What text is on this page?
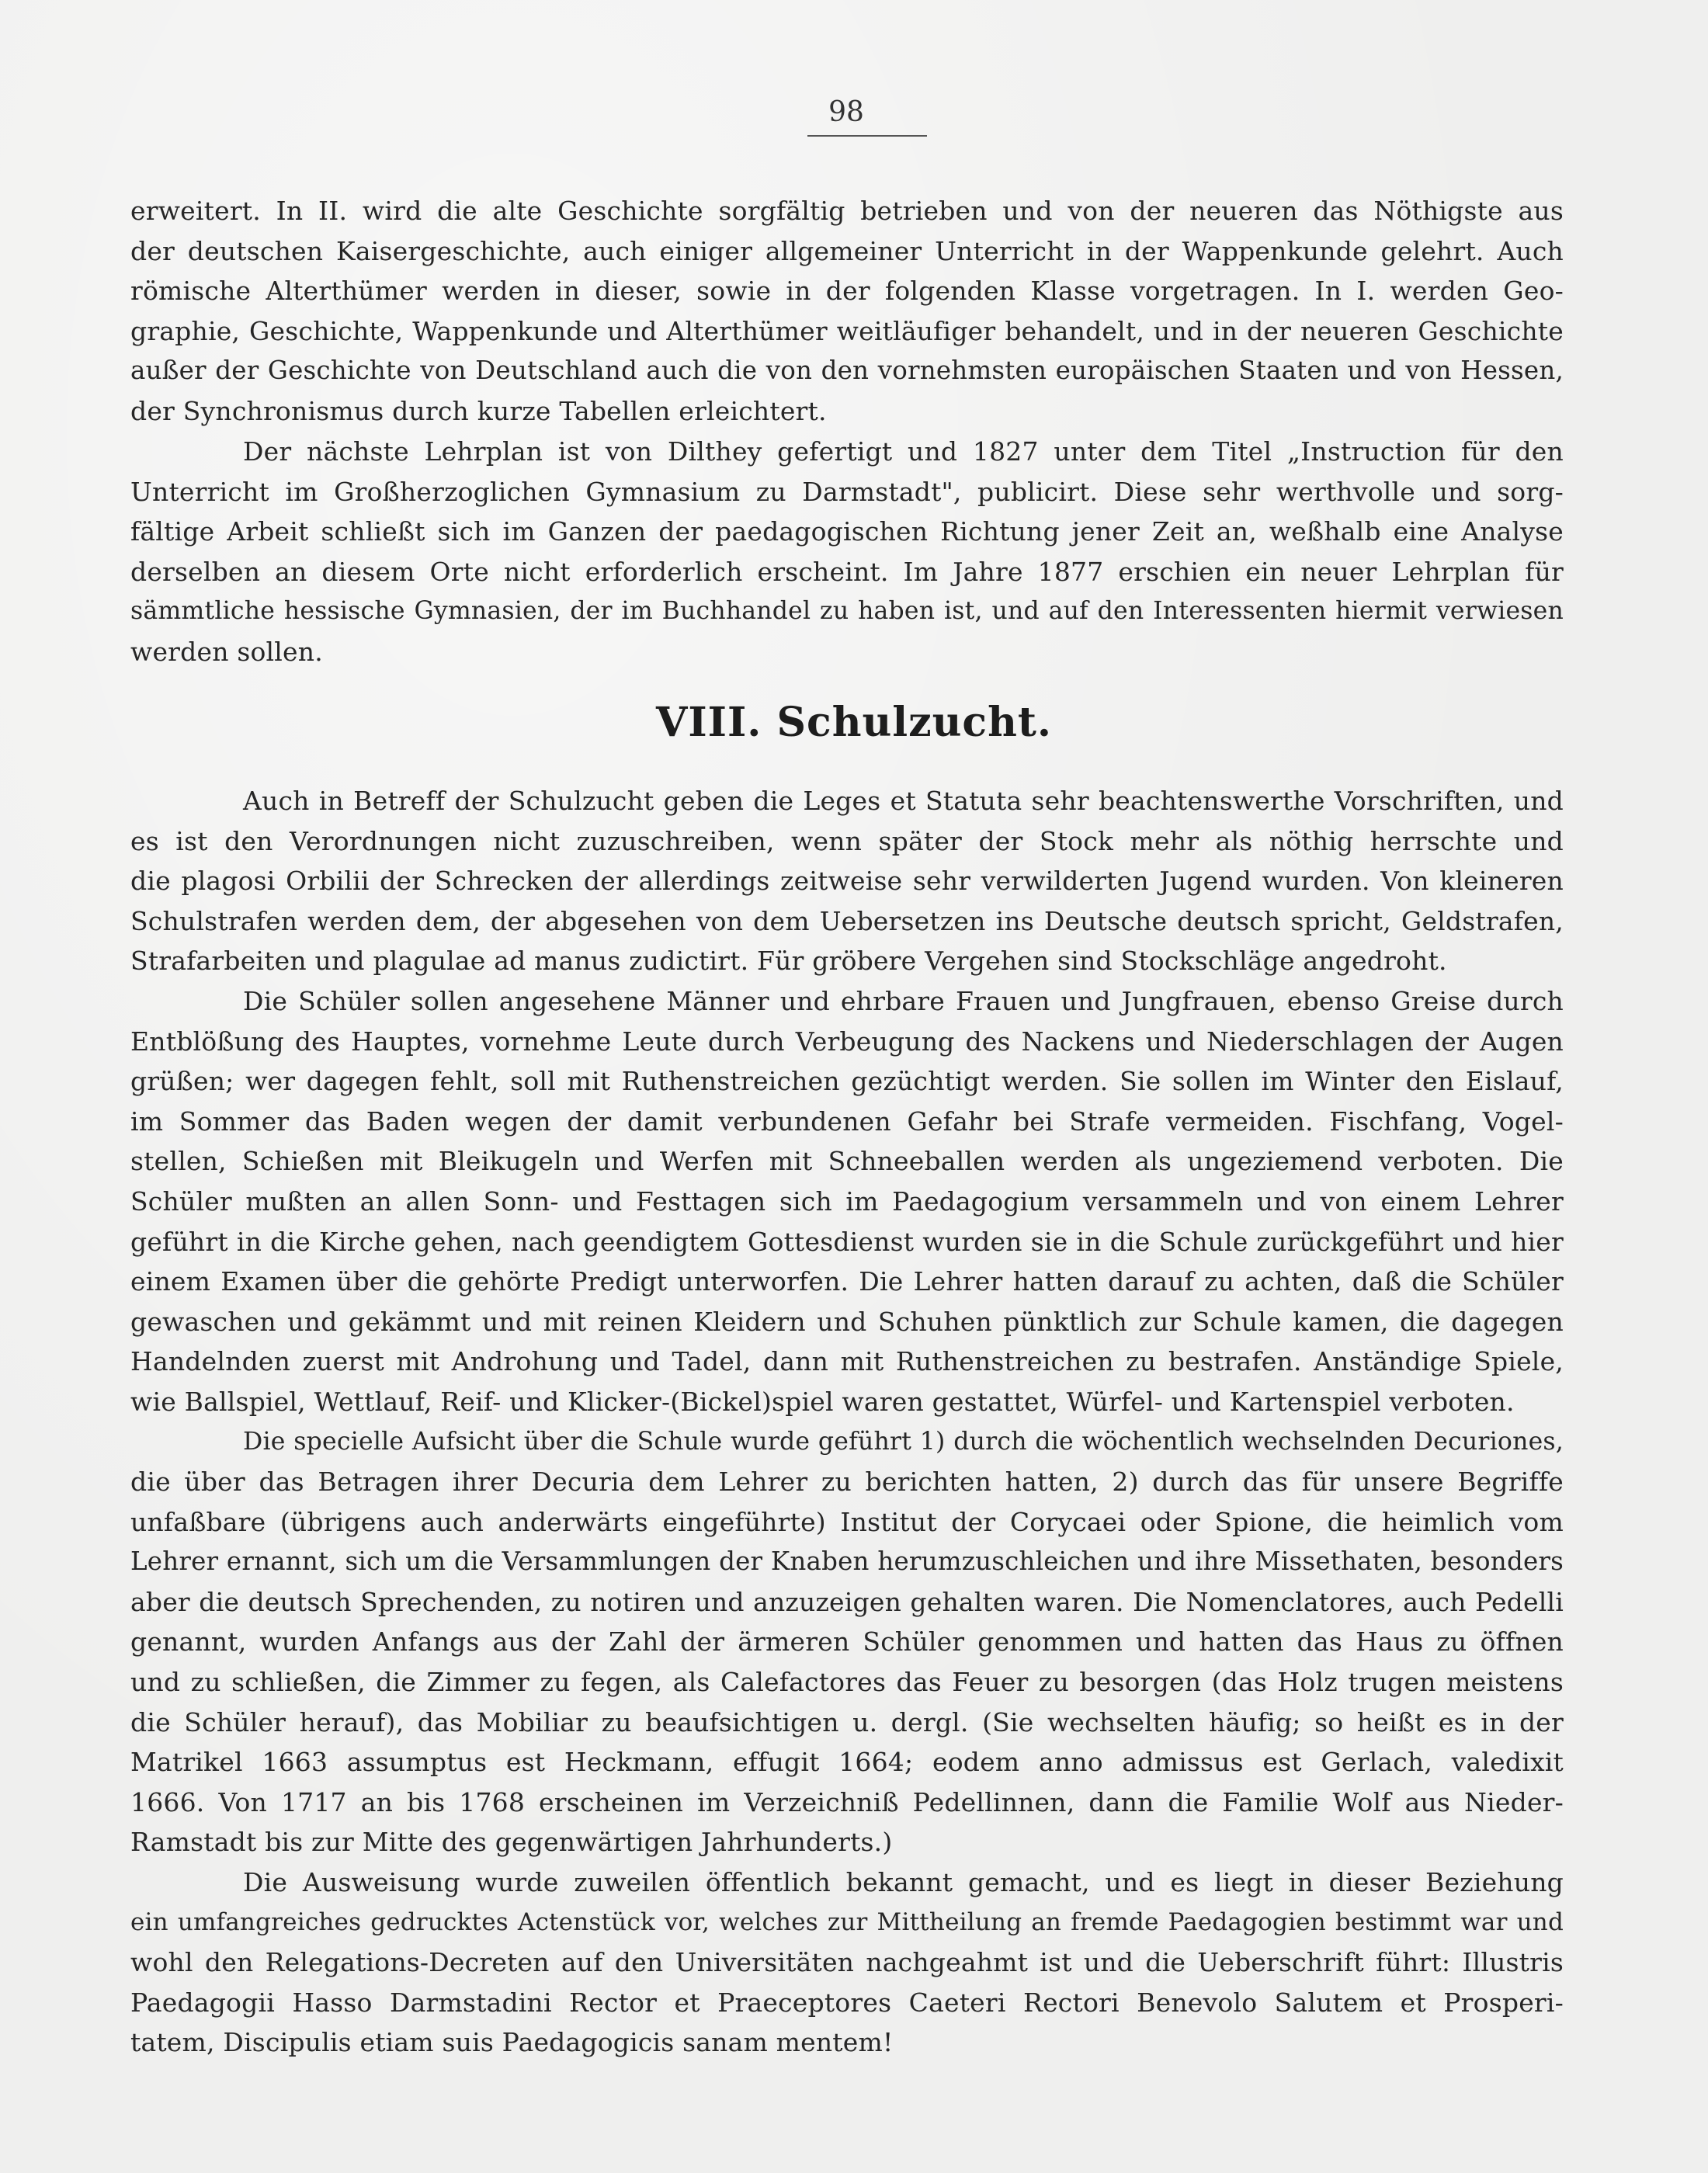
98
erweitert. In II. wird die alte Geschichte sorgfältig betrieben und von der neueren das Nöthigste aus
der deutschen Kaisergeschichte, auch einiger allgemeiner Unterricht in der Wappenkunde gelehrt. Auch
römische Alterthümer werden in dieser, sowie in der folgenden Klasse vorgetragen. In I. werden Geo-
graphie, Geschichte, Wappenkunde und Alterthümer weitläufiger behandelt, und in der neueren Geschichte
außer der Geschichte von Deutschland auch die von den vornehmsten europäischen Staaten und von Hessen,
der Synchronismus durch kurze Tabellen erleichtert.
Der nächste Lehrplan ist von Dilthey gefertigt und 1827 unter dem Titel „Instruction für den
Unterricht im Großherzoglichen Gymnasium zu Darmstadt", publicirt. Diese sehr werthvolle und sorg-
fältige Arbeit schließt sich im Ganzen der paedagogischen Richtung jener Zeit an, weßhalb eine Analyse
derselben an diesem Orte nicht erforderlich erscheint. Im Jahre 1877 erschien ein neuer Lehrplan für
sämmtliche hessische Gymnasien, der im Buchhandel zu haben ist, und auf den Interessenten hiermit verwiesen
werden sollen.
VIII. Schulzucht.
Auch in Betreff der Schulzucht geben die Leges et Statuta sehr beachtenswerthe Vorschriften, und
es ist den Verordnungen nicht zuzuschreiben, wenn später der Stock mehr als nöthig herrschte und
die plagosi Orbilii der Schrecken der allerdings zeitweise sehr verwilderten Jugend wurden. Von kleineren
Schulstrafen werden dem, der abgesehen von dem Uebersetzen ins Deutsche deutsch spricht, Geldstrafen,
Strafarbeiten und plagulae ad manus zudictirt. Für gröbere Vergehen sind Stockschläge angedroht.
Die Schüler sollen angesehene Männer und ehrbare Frauen und Jungfrauen, ebenso Greise durch
Entblößung des Hauptes, vornehme Leute durch Verbeugung des Nackens und Niederschlagen der Augen
grüßen; wer dagegen fehlt, soll mit Ruthenstreichen gezüchtigt werden. Sie sollen im Winter den Eislauf,
im Sommer das Baden wegen der damit verbundenen Gefahr bei Strafe vermeiden. Fischfang, Vogel-
stellen, Schießen mit Bleikugeln und Werfen mit Schneeballen werden als ungeziemend verboten. Die
Schüler mußten an allen Sonn- und Festtagen sich im Paedagogium versammeln und von einem Lehrer
geführt in die Kirche gehen, nach geendigtem Gottesdienst wurden sie in die Schule zurückgeführt und hier
einem Examen über die gehörte Predigt unterworfen. Die Lehrer hatten darauf zu achten, daß die Schüler
gewaschen und gekämmt und mit reinen Kleidern und Schuhen pünktlich zur Schule kamen, die dagegen
Handelnden zuerst mit Androhung und Tadel, dann mit Ruthenstreichen zu bestrafen. Anständige Spiele,
wie Ballspiel, Wettlauf, Reif- und Klicker-(Bickel)spiel waren gestattet, Würfel- und Kartenspiel verboten.
Die specielle Aufsicht über die Schule wurde geführt 1) durch die wöchentlich wechselnden Decuriones,
die über das Betragen ihrer Decuria dem Lehrer zu berichten hatten, 2) durch das für unsere Begriffe
unfaßbare (übrigens auch anderwärts eingeführte) Institut der Corycaei oder Spione, die heimlich vom
Lehrer ernannt, sich um die Versammlungen der Knaben herumzuschleichen und ihre Missethaten, besonders
aber die deutsch Sprechenden, zu notiren und anzuzeigen gehalten waren. Die Nomenclatores, auch Pedelli
genannt, wurden Anfangs aus der Zahl der ärmeren Schüler genommen und hatten das Haus zu öffnen
und zu schließen, die Zimmer zu fegen, als Calefactores das Feuer zu besorgen (das Holz trugen meistens
die Schüler herauf), das Mobiliar zu beaufsichtigen u. dergl. (Sie wechselten häufig; so heißt es in der
Matrikel 1663 assumptus est Heckmann, effugit 1664; eodem anno admissus est Gerlach, valedixit
1666. Von 1717 an bis 1768 erscheinen im Verzeichniß Pedellinnen, dann die Familie Wolf aus Nieder-
Ramstadt bis zur Mitte des gegenwärtigen Jahrhunderts.)
Die Ausweisung wurde zuweilen öffentlich bekannt gemacht, und es liegt in dieser Beziehung
ein umfangreiches gedrucktes Actenstück vor, welches zur Mittheilung an fremde Paedagogien bestimmt war und
wohl den Relegations-Decreten auf den Universitäten nachgeahmt ist und die Ueberschrift führt: Illustris
Paedagogii Hasso Darmstadini Rector et Praeceptores Caeteri Rectori Benevolo Salutem et Prosperi-
tatem, Discipulis etiam suis Paedagogicis sanam mentem!
